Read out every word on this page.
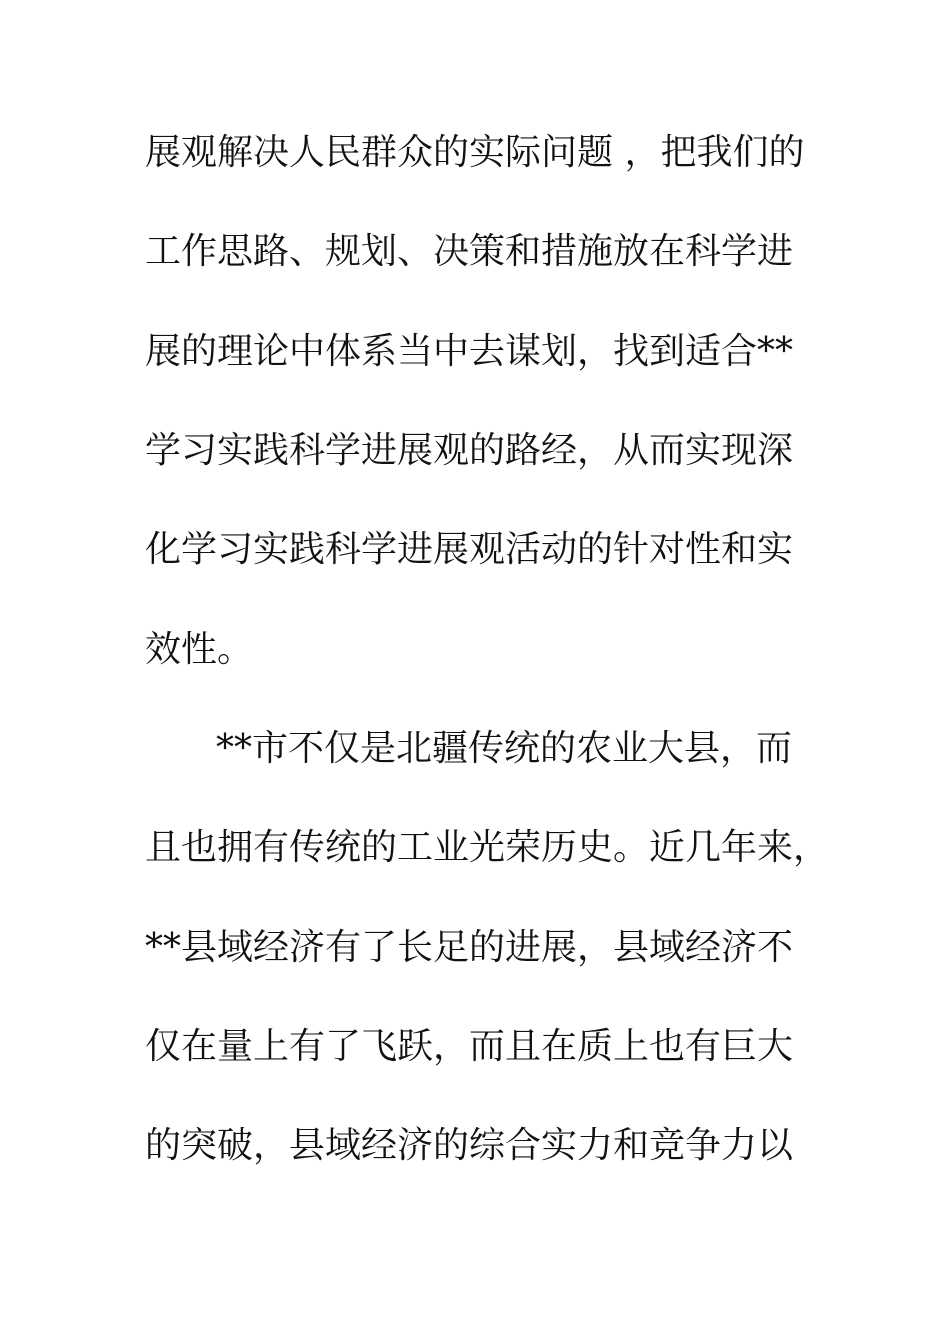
展观解决人民群众的实际问题 ，把我们的
工作思路、规划、决策和措施放在科学进
展的理论中体系当中去谋划，找到适合**
学习实践科学进展观的路经，从而实现深
化学习实践科学进展观活动的针对性和实
效性。
**市不仅是北疆传统的农业大县，而
且也拥有传统的工业光荣历史。近几年来，
**县域经济有了长足的进展，县域经济不
仅在量上有了飞跃，而且在质上也有巨大
的突破，县域经济的综合实力和竞争力以
